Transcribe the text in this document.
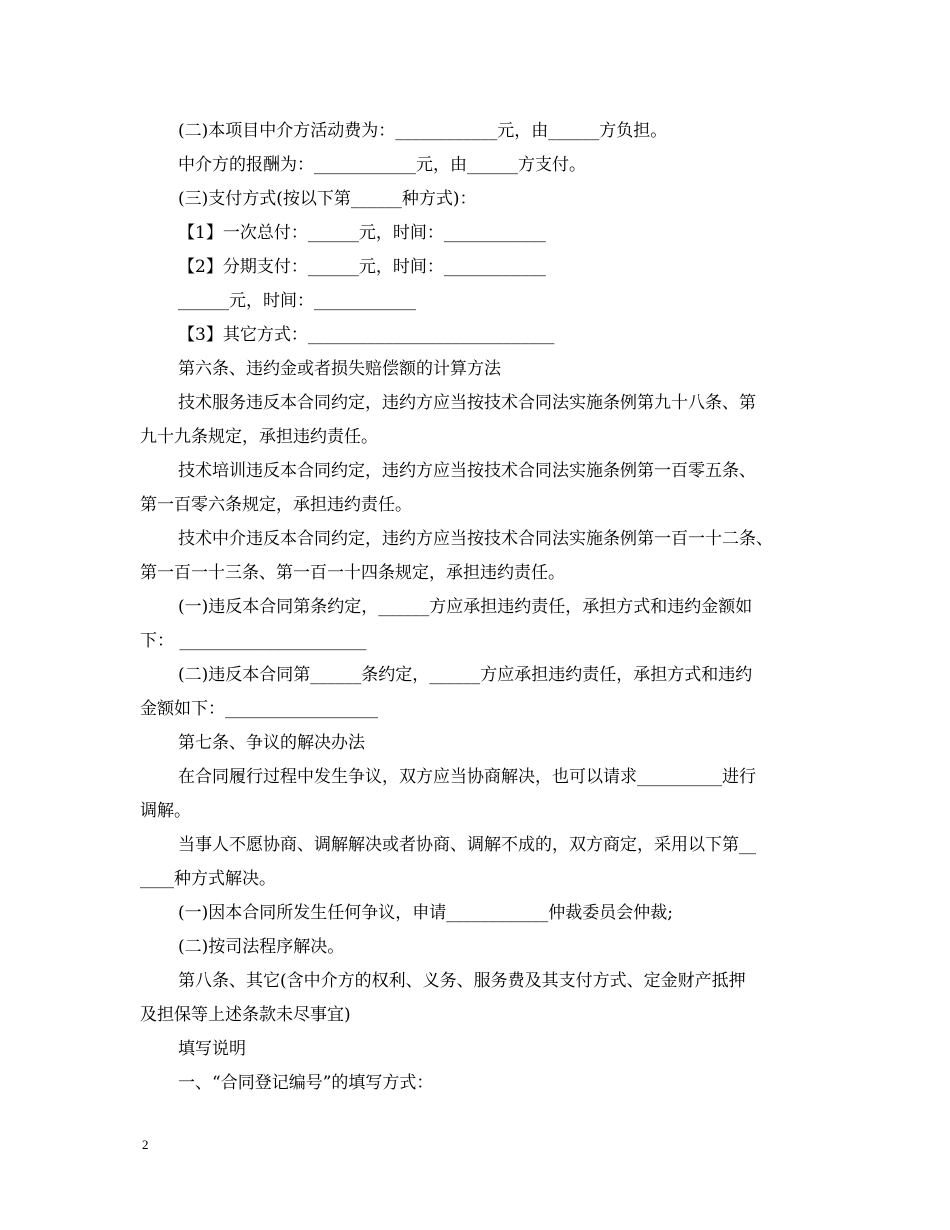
(二)本项目中介方活动费为：____________元，由______方负担。
中介方的报酬为：____________元，由______方支付。
(三)支付方式(按以下第______种方式)：
【1】一次总付：______元，时间：____________
【2】分期支付：______元，时间：____________
______元，时间：____________
【3】其它方式：_____________________________
第六条、违约金或者损失赔偿额的计算方法
技术服务违反本合同约定，违约方应当按技术合同法实施条例第九十八条、第
九十九条规定，承担违约责任。
技术培训违反本合同约定，违约方应当按技术合同法实施条例第一百零五条、
第一百零六条规定，承担违约责任。
技术中介违反本合同约定，违约方应当按技术合同法实施条例第一百一十二条、
第一百一十三条、第一百一十四条规定，承担违约责任。
(一)违反本合同第条约定，______方应承担违约责任，承担方式和违约金额如
下： ______________________
(二)违反本合同第______条约定，______方应承担违约责任，承担方式和违约
金额如下：__________________
第七条、争议的解决办法
在合同履行过程中发生争议，双方应当协商解决，也可以请求__________进行
调解。
当事人不愿协商、调解解决或者协商、调解不成的，双方商定，采用以下第__
____种方式解决。
(一)因本合同所发生任何争议，申请____________仲裁委员会仲裁;
(二)按司法程序解决。
第八条、其它(含中介方的权利、义务、服务费及其支付方式、定金财产抵押
及担保等上述条款未尽事宜)
填写说明
一、“合同登记编号”的填写方式：
2
